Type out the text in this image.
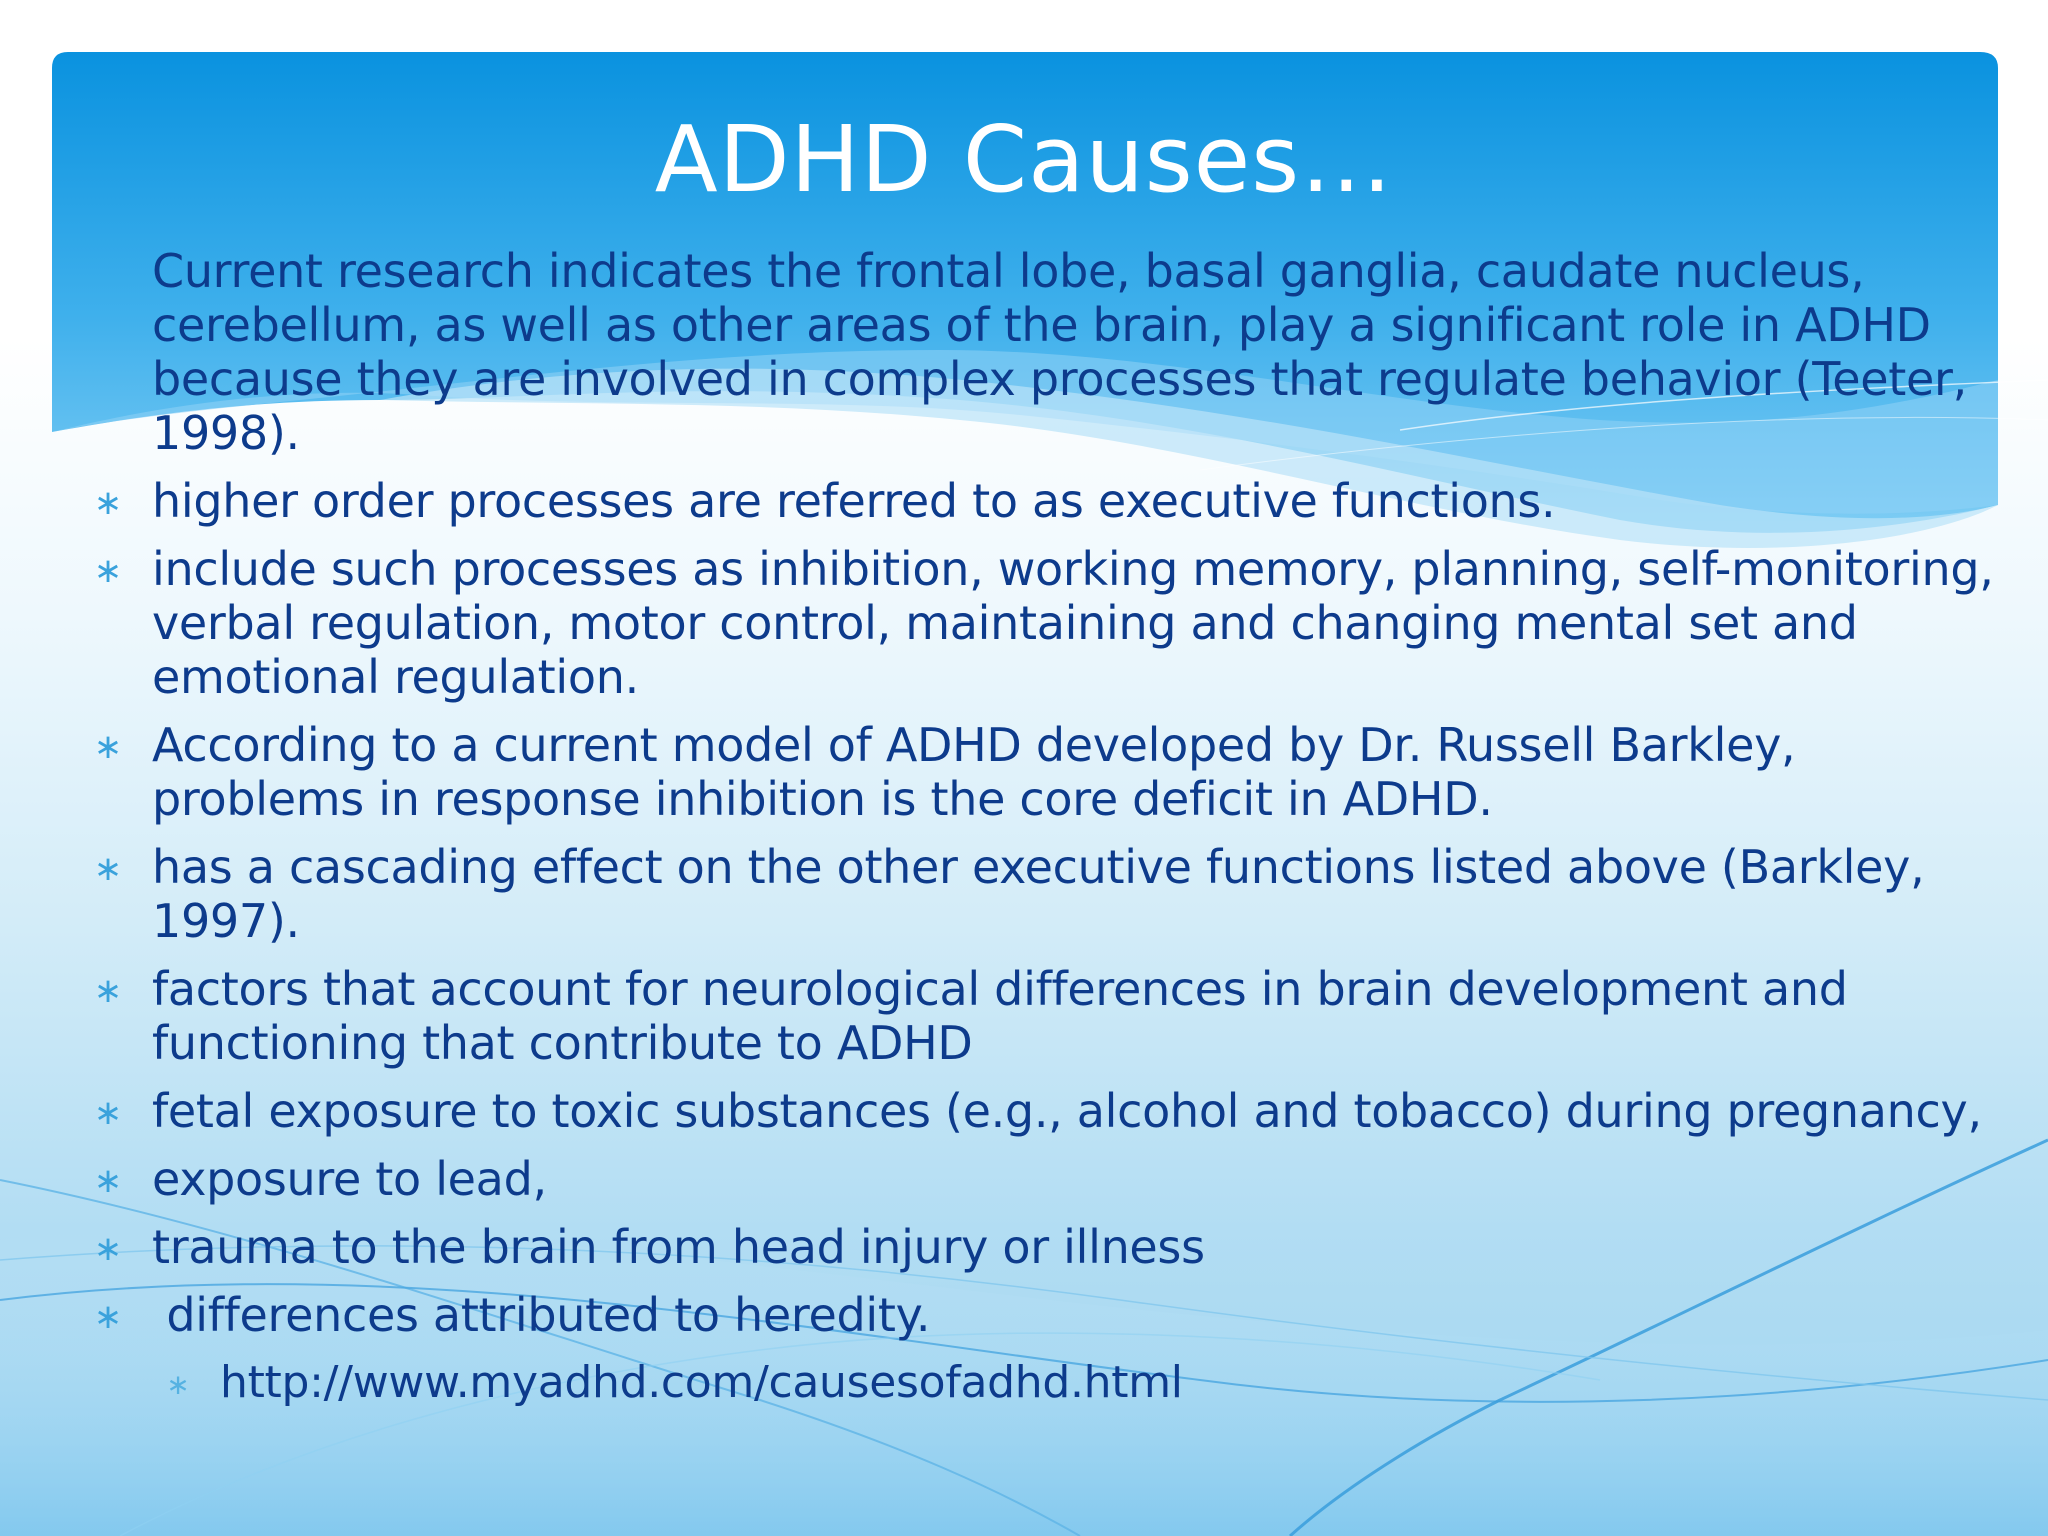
ADHD Causes…
Current research indicates the frontal lobe, basal ganglia, caudate nucleus, cerebellum, as well as other areas of the brain, play a significant role in ADHD because they are involved in complex processes that regulate behavior (Teeter, 1998).
∗ higher order processes are referred to as executive functions.
∗ include such processes as inhibition, working memory, planning, self-monitoring, verbal regulation, motor control, maintaining and changing mental set and emotional regulation.
∗ According to a current model of ADHD developed by Dr. Russell Barkley, problems in response inhibition is the core deficit in ADHD.
∗ has a cascading effect on the other executive functions listed above (Barkley, 1997).
∗ factors that account for neurological differences in brain development and functioning that contribute to ADHD
∗ fetal exposure to toxic substances (e.g., alcohol and tobacco) during pregnancy,
∗ exposure to lead,
∗ trauma to the brain from head injury or illness
∗ differences attributed to heredity.
∗ http://www.myadhd.com/causesofadhd.html
